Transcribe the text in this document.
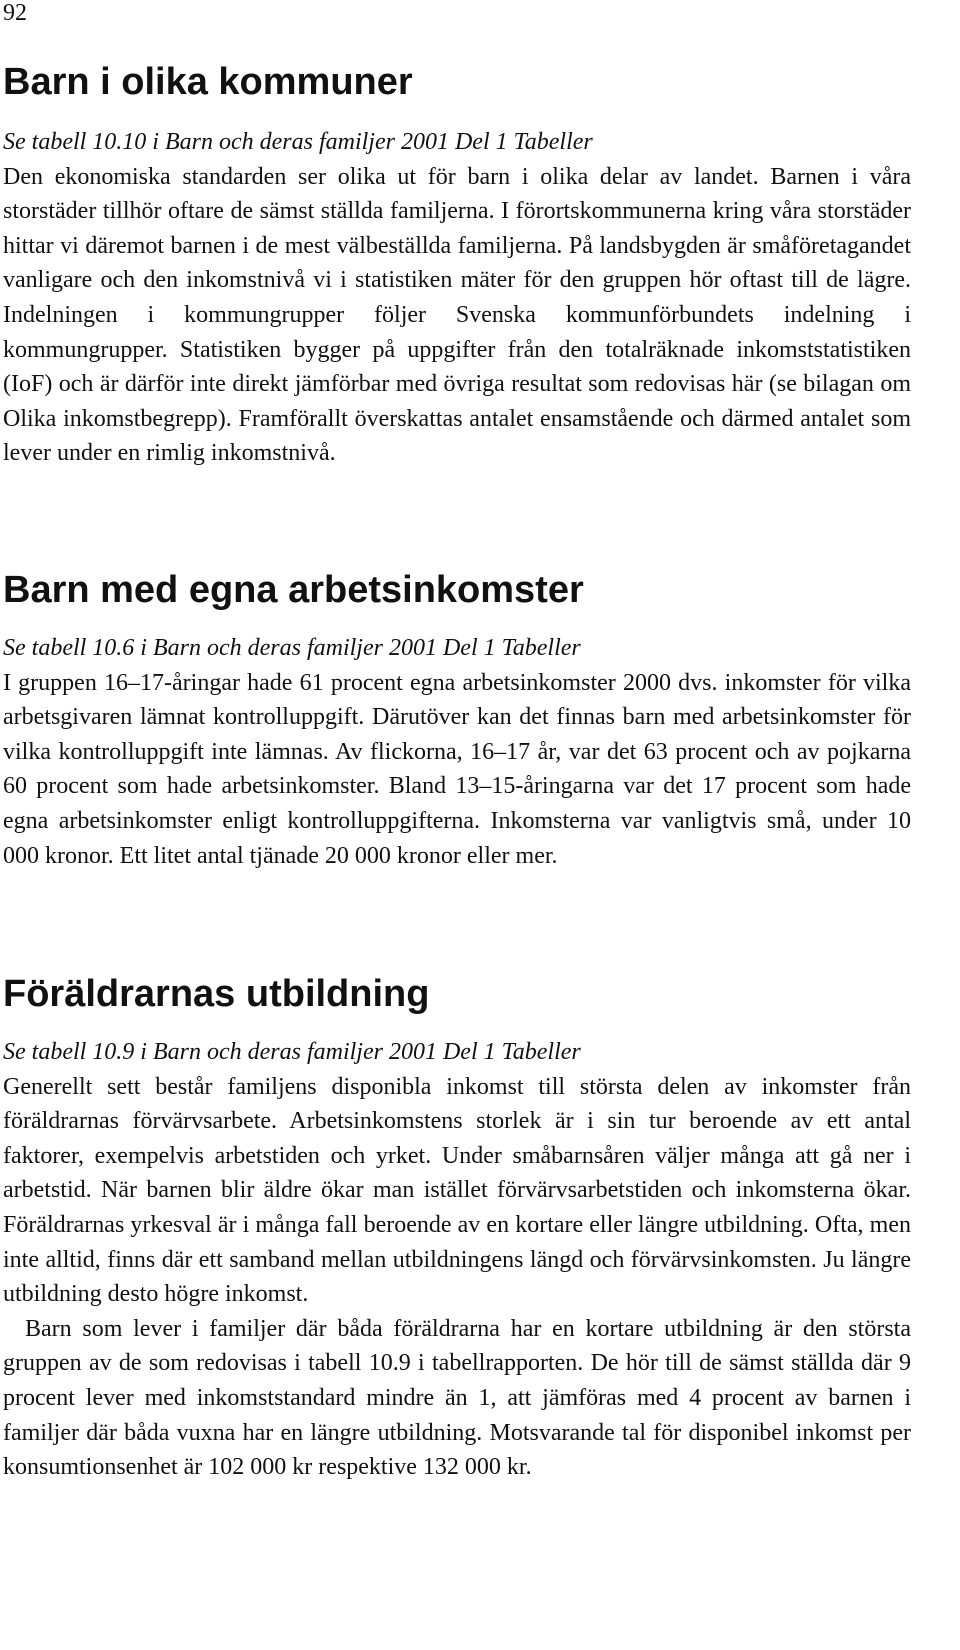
92
Barn i olika kommuner
Se tabell 10.10 i Barn och deras familjer 2001 Del 1 Tabeller

Den ekonomiska standarden ser olika ut för barn i olika delar av landet. Barnen i våra storstäder tillhör oftare de sämst ställda familjerna. I förortskommunerna kring våra storstäder hittar vi däremot barnen i de mest välbeställda familjerna. På landsbygden är småföretagandet vanligare och den inkomstnivå vi i statistiken mäter för den gruppen hör oftast till de lägre. Indelningen i kommungrupper följer Svenska kommunförbundets indelning i kommungrupper. Statistiken bygger på uppgifter från den totalräknade inkomststatistiken (IoF) och är därför inte direkt jämförbar med övriga resultat som redovisas här (se bilagan om Olika inkomstbegrepp). Framförallt överskattas antalet ensamstående och därmed antalet som lever under en rimlig inkomstnivå.

Barn med egna arbetsinkomster
Se tabell 10.6 i Barn och deras familjer 2001 Del 1 Tabeller

I gruppen 16–17-åringar hade 61 procent egna arbetsinkomster 2000 dvs. inkomster för vilka arbetsgivaren lämnat kontrolluppgift. Därutöver kan det finnas barn med arbetsinkomster för vilka kontrolluppgift inte lämnas. Av flickorna, 16–17 år, var det 63 procent och av pojkarna 60 procent som hade arbetsinkomster. Bland 13–15-åringarna var det 17 procent som hade egna arbetsinkomster enligt kontrolluppgifterna. Inkomsterna var vanligtvis små, under 10 000 kronor. Ett litet antal tjänade 20 000 kronor eller mer.

Föräldrarnas utbildning
Se tabell 10.9 i Barn och deras familjer 2001 Del 1 Tabeller

Generellt sett består familjens disponibla inkomst till största delen av inkomster från föräldrarnas förvärvsarbete. Arbetsinkomstens storlek är i sin tur beroende av ett antal faktorer, exempelvis arbetstiden och yrket. Under småbarnsåren väljer många att gå ner i arbetstid. När barnen blir äldre ökar man istället förvärvsarbetstiden och inkomsterna ökar. Föräldrarnas yrkesval är i många fall beroende av en kortare eller längre utbildning. Ofta, men inte alltid, finns där ett samband mellan utbildningens längd och förvärvsinkomsten. Ju längre utbildning desto högre inkomst.

Barn som lever i familjer där båda föräldrarna har en kortare utbildning är den största gruppen av de som redovisas i tabell 10.9 i tabellrapporten. De hör till de sämst ställda där 9 procent lever med inkomststandard mindre än 1, att jämföras med 4 procent av barnen i familjer där båda vuxna har en längre utbildning. Motsvarande tal för disponibel inkomst per konsumtionsenhet är 102 000 kr respektive 132 000 kr.
